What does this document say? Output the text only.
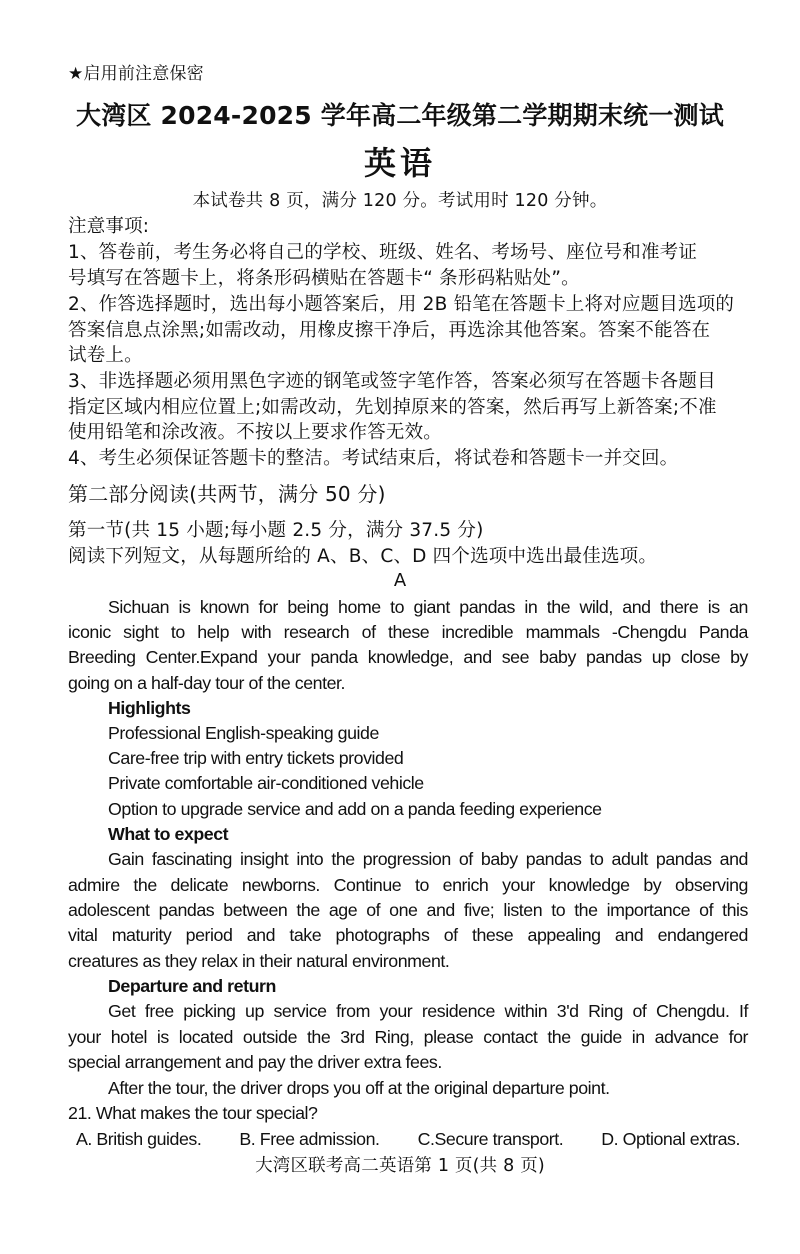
★启用前注意保密
大湾区 2024-2025 学年高二年级第二学期期末统一测试
英语
本试卷共 8 页，满分 120 分。考试用时 120 分钟。
注意事项:
1、答卷前，考生务必将自己的学校、班级、姓名、考场号、座位号和准考证
号填写在答题卡上，将条形码横贴在答题卡“ 条形码粘贴处”。
2、作答选择题时，选出每小题答案后，用 2B 铅笔在答题卡上将对应题目选项的
答案信息点涂黑;如需改动，用橡皮擦干净后，再选涂其他答案。答案不能答在
试卷上。
3、非选择题必须用黑色字迹的钢笔或签字笔作答，答案必须写在答题卡各题目
指定区域内相应位置上;如需改动，先划掉原来的答案，然后再写上新答案;不准
使用铅笔和涂改液。不按以上要求作答无效。
4、考生必须保证答题卡的整洁。考试结束后，将试卷和答题卡一并交回。
第二部分阅读(共两节，满分 50 分)
第一节(共 15 小题;每小题 2.5 分，满分 37.5 分)
阅读下列短文，从每题所给的 A、B、C、D 四个选项中选出最佳选项。
A
Sichuan is known for being home to giant pandas in the wild, and there is an
iconic sight to help with research of these incredible mammals -Chengdu Panda
Breeding Center.Expand your panda knowledge, and see baby pandas up close by
going on a half-day tour of the center.
Highlights
Professional English-speaking guide
Care-free trip with entry tickets provided
Private comfortable air-conditioned vehicle
Option to upgrade service and add on a panda feeding experience
What to expect
Gain fascinating insight into the progression of baby pandas to adult pandas and
admire the delicate newborns. Continue to enrich your knowledge by observing
adolescent pandas between the age of one and five; listen to the importance of this
vital maturity period and take photographs of these appealing and endangered
creatures as they relax in their natural environment.
Departure and return
Get free picking up service from your residence within 3'd Ring of Chengdu. If
your hotel is located outside the 3rd Ring, please contact the guide in advance for
special arrangement and pay the driver extra fees.
After the tour, the driver drops you off at the original departure point.
21. What makes the tour special?
A. British guides. B. Free admission. C.Secure transport. D. Optional extras.
大湾区联考高二英语第 1 页(共 8 页)
